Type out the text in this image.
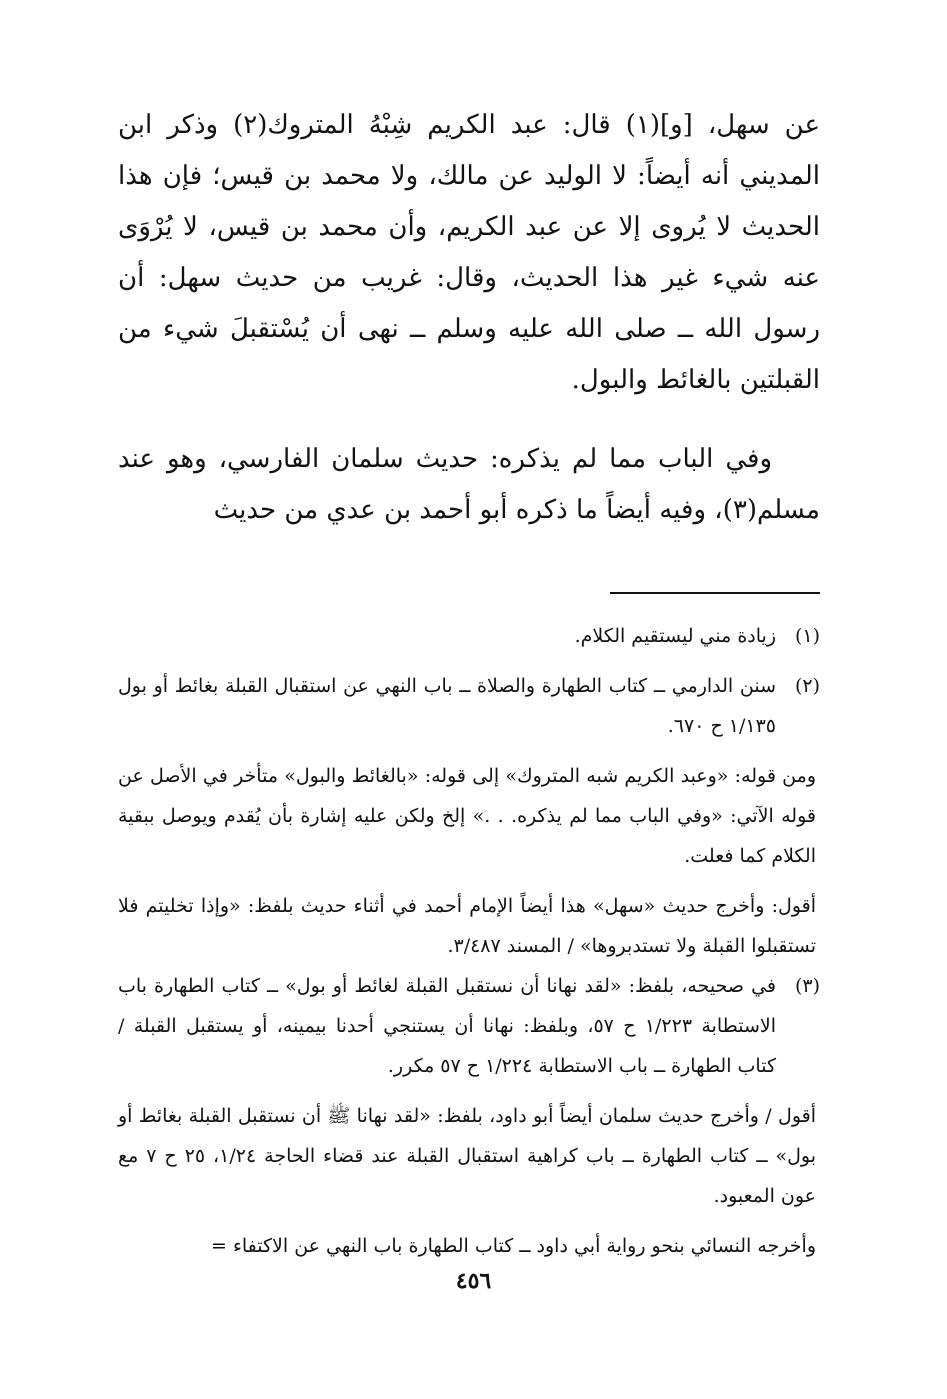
عن سهل، [و](١) قال: عبد الكريم شِبْهُ المتروك(٢) وذكر ابن المديني أنه أيضاً: لا الوليد عن مالك، ولا محمد بن قيس؛ فإن هذا الحديث لا يُروى إلا عن عبد الكريم، وأن محمد بن قيس، لا يُرْوَى عنه شيء غير هذا الحديث، وقال: غريب من حديث سهل: أن رسول الله ــ صلى الله عليه وسلم ــ نهى أن يُسْتقبلَ شيء من القبلتين بالغائط والبول.

وفي الباب مما لم يذكره: حديث سلمان الفارسي، وهو عند مسلم(٣)، وفيه أيضاً ما ذكره أبو أحمد بن عدي من حديث

(١)
زيادة مني ليستقيم الكلام.
(٢)
سنن الدارمي ــ كتاب الطهارة والصلاة ــ باب النهي عن استقبال القبلة بغائط أو بول ١/١٣٥ ح ٦٧٠.
ومن قوله: «وعبد الكريم شبه المتروك» إلى قوله: «بالغائط والبول» متأخر في الأصل عن قوله الآتي: «وفي الباب مما لم يذكره. . .» إلخ ولكن عليه إشارة بأن يُقدم ويوصل ببقية الكلام كما فعلت.
أقول: وأخرج حديث «سهل» هذا أيضاً الإمام أحمد في أثناء حديث بلفظ: «وإذا تخليتم فلا تستقبلوا القبلة ولا تستدبروها» / المسند ٣/٤٨٧.
(٣)
في صحيحه، بلفظ: «لقد نهانا أن نستقبل القبلة لغائط أو بول» ــ كتاب الطهارة باب الاستطابة ١/٢٢٣ ح ٥٧، وبلفظ: نهانا أن يستنجي أحدنا بيمينه، أو يستقبل القبلة / كتاب الطهارة ــ باب الاستطابة ١/٢٢٤ ح ٥٧ مكرر.
أقول / وأخرج حديث سلمان أيضاً أبو داود، بلفظ: «لقد نهانا ﷺ أن نستقبل القبلة بغائط أو بول» ــ كتاب الطهارة ــ باب كراهية استقبال القبلة عند قضاء الحاجة ١/٢٤، ٢٥ ح ٧ مع عون المعبود.
وأخرجه النسائي بنحو رواية أبي داود ــ كتاب الطهارة باب النهي عن الاكتفاء =
٤٥٦
